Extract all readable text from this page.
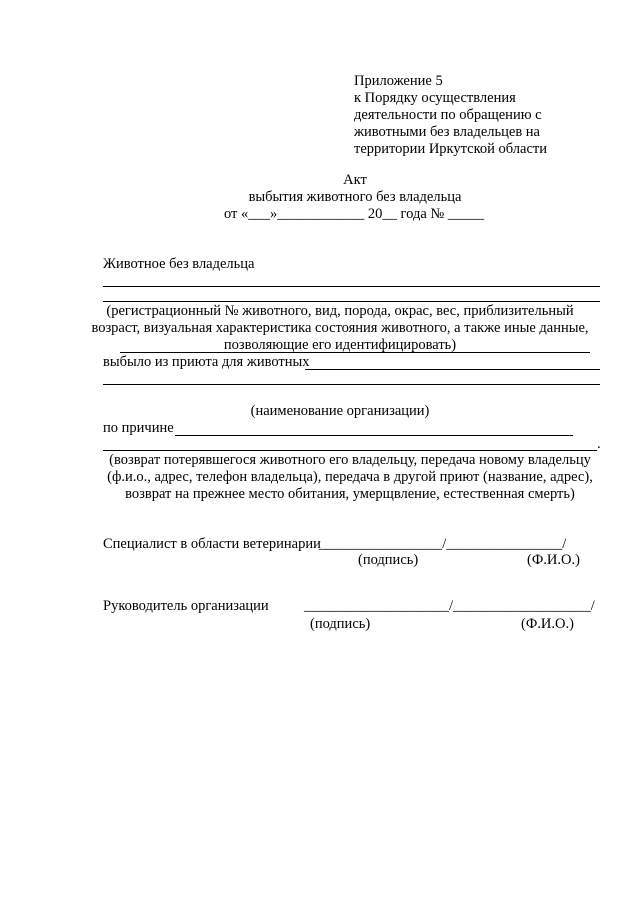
Приложение 5
к Порядку осуществления
деятельности по обращению с
животными без владельцев на
территории Иркутской области
Акт
выбытия животного без владельца
от «___»____________ 20__ года № _____
Животное без владельца
(регистрационный № животного, вид, порода, окрас, вес, приблизительный
возраст, визуальная характеристика состояния животного, а также иные данные,
позволяющие его идентифицировать)
выбыло из приюта для животных
(наименование организации)
по причине
.
(возврат потерявшегося животного его владельцу, передача новому владельцу
(ф.и.о., адрес, телефон владельца), передача в другой приют (название, адрес),
возврат на прежнее место обитания, умерщвление, естественная смерть)
Специалист в области ветеринарии
_________________/________________/
(подпись)	(Ф.И.О.)
Руководитель организации ____________________/___________________/
(подпись)	(Ф.И.О.)
